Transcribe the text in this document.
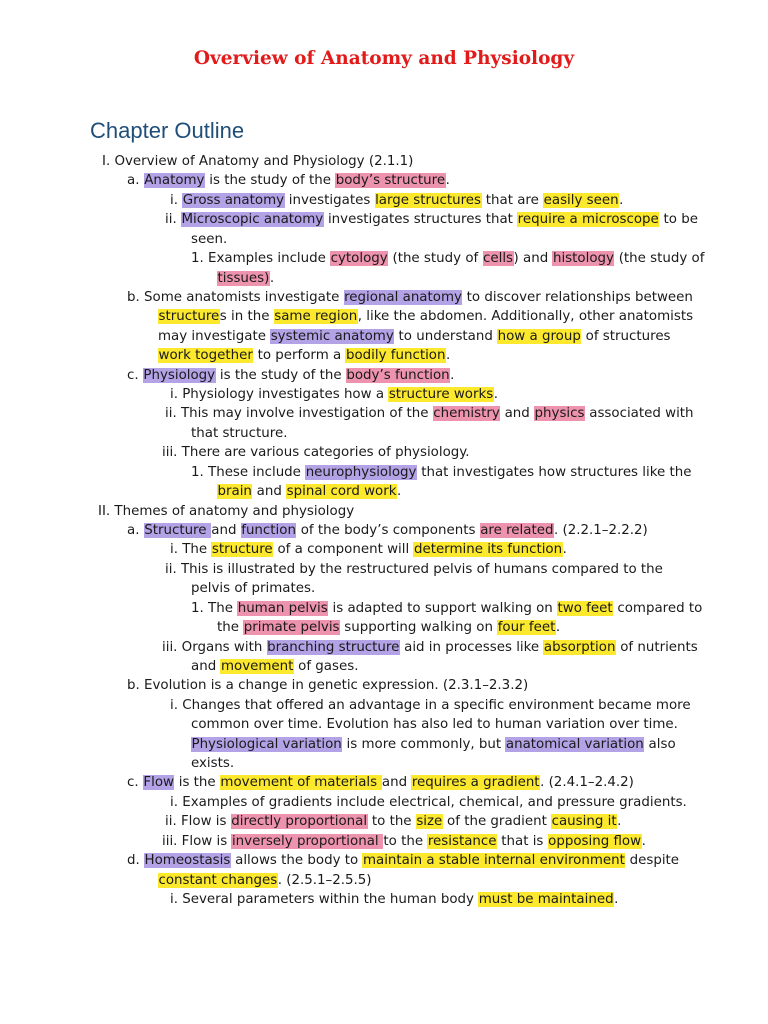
Overview of Anatomy and Physiology
Chapter Outline
I. Overview of Anatomy and Physiology (2.1.1)
a. Anatomy is the study of the body’s structure.
i. Gross anatomy investigates large structures that are easily seen.
ii. Microscopic anatomy investigates structures that require a microscope to be
seen.
1. Examples include cytology (the study of cells) and histology (the study of
tissues).
b. Some anatomists investigate regional anatomy to discover relationships between
structures in the same region, like the abdomen. Additionally, other anatomists
may investigate systemic anatomy to understand how a group of structures
work together to perform a bodily function.
c. Physiology is the study of the body’s function.
i. Physiology investigates how a structure works.
ii. This may involve investigation of the chemistry and physics associated with
that structure.
iii. There are various categories of physiology.
1. These include neurophysiology that investigates how structures like the
brain and spinal cord work.
II. Themes of anatomy and physiology
a. Structure and function of the body’s components are related. (2.2.1–2.2.2)
i. The structure of a component will determine its function.
ii. This is illustrated by the restructured pelvis of humans compared to the
pelvis of primates.
1. The human pelvis is adapted to support walking on two feet compared to
the primate pelvis supporting walking on four feet.
iii. Organs with branching structure aid in processes like absorption of nutrients
and movement of gases.
b. Evolution is a change in genetic expression. (2.3.1–2.3.2)
i. Changes that offered an advantage in a specific environment became more
common over time. Evolution has also led to human variation over time.
Physiological variation is more commonly, but anatomical variation also
exists.
c. Flow is the movement of materials and requires a gradient. (2.4.1–2.4.2)
i. Examples of gradients include electrical, chemical, and pressure gradients.
ii. Flow is directly proportional to the size of the gradient causing it.
iii. Flow is inversely proportional to the resistance that is opposing flow.
d. Homeostasis allows the body to maintain a stable internal environment despite
constant changes. (2.5.1–2.5.5)
i. Several parameters within the human body must be maintained.
